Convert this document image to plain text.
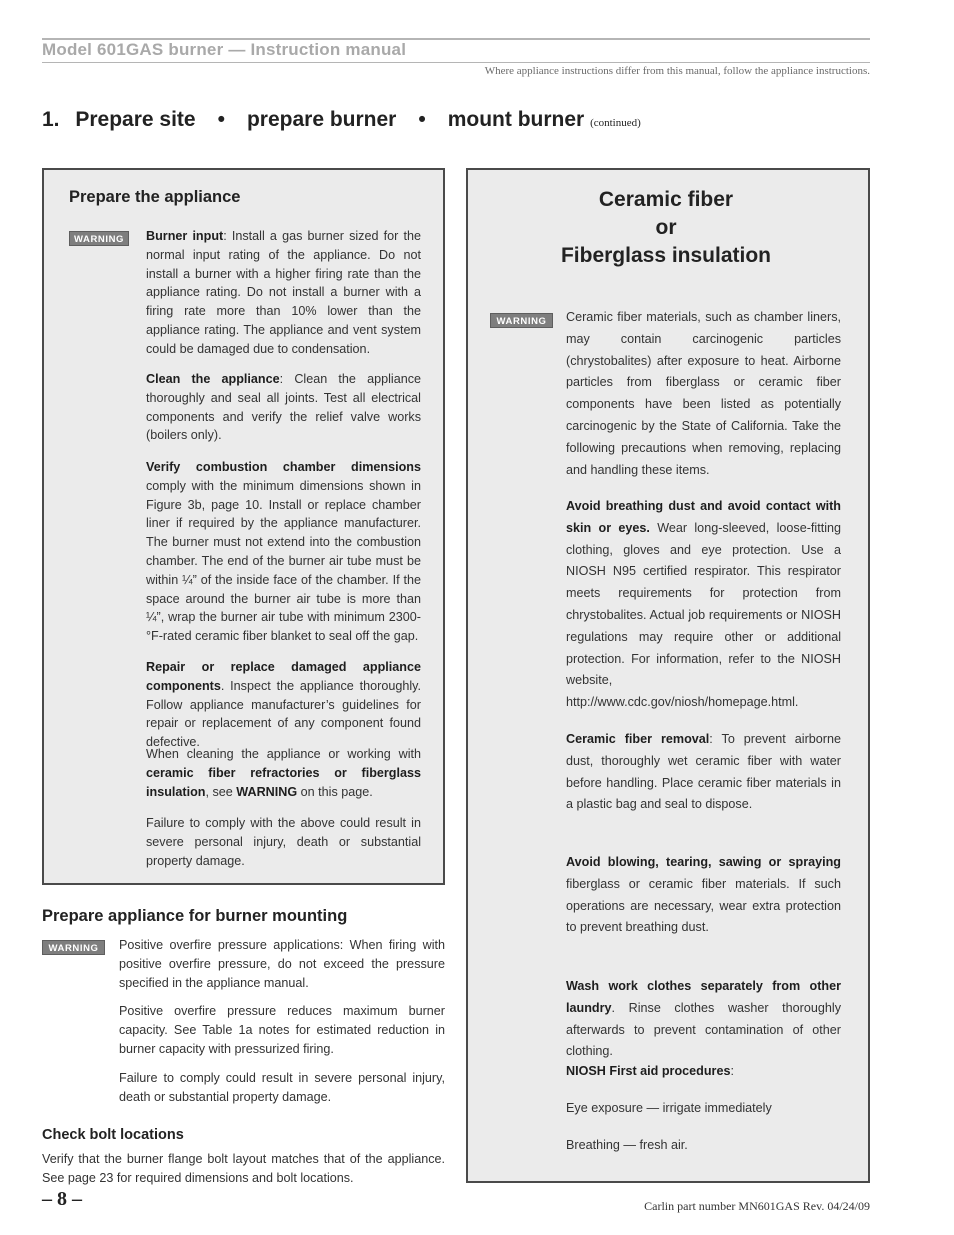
Model 601GAS burner — Instruction manual
Where appliance instructions differ from this manual, follow the appliance instructions.
1. Prepare site • prepare burner • mount burner (continued)
Prepare the appliance
WARNING	Burner input: Install a gas burner sized for the normal input rating of the appliance. Do not install a burner with a higher firing rate than the appliance rating. Do not install a burner with a firing rate more than 10% lower than the appliance rating. The appliance and vent system could be damaged due to condensation.
Clean the appliance: Clean the appliance thoroughly and seal all joints. Test all electrical components and verify the relief valve works (boilers only).
Verify combustion chamber dimensions comply with the minimum dimensions shown in Figure 3b, page 10. Install or replace chamber liner if required by the appliance manufacturer. The burner must not extend into the combustion chamber. The end of the burner air tube must be within ¼” of the inside face of the chamber. If the space around the burner air tube is more than ¼”, wrap the burner air tube with minimum 2300-°F-rated ceramic fiber blanket to seal off the gap.
Repair or replace damaged appliance components. Inspect the appliance thoroughly. Follow appliance manufacturer’s guidelines for repair or replacement of any component found defective.
When cleaning the appliance or working with ceramic fiber refractories or fiberglass insulation, see WARNING on this page.
Failure to comply with the above could result in severe personal injury, death or substantial property damage.
Prepare appliance for burner mounting
WARNING	Positive overfire pressure applications: When firing with positive overfire pressure, do not exceed the pressure specified in the appliance manual.
Positive overfire pressure reduces maximum burner capacity. See Table 1a notes for estimated reduction in burner capacity with pressurized firing.
Failure to comply could result in severe personal injury, death or substantial property damage.
Check bolt locations
Verify that the burner flange bolt layout matches that of the appliance. See page 23 for required dimensions and bolt locations.
Ceramic fiber
or
Fiberglass insulation
WARNING	Ceramic fiber materials, such as chamber liners, may contain carcinogenic particles (chrystobalites) after exposure to heat. Airborne particles from fiberglass or ceramic fiber components have been listed as potentially carcinogenic by the State of California. Take the following precautions when removing, replacing and handling these items.
Avoid breathing dust and avoid contact with skin or eyes. Wear long-sleeved, loose-fitting clothing, gloves and eye protection. Use a NIOSH N95 certified respirator. This respirator meets requirements for protection from chrystobalites. Actual job requirements or NIOSH regulations may require other or additional protection. For information, refer to the NIOSH website, http://www.cdc.gov/niosh/homepage.html.
Ceramic fiber removal: To prevent airborne dust, thoroughly wet ceramic fiber with water before handling. Place ceramic fiber materials in a plastic bag and seal to dispose.
Avoid blowing, tearing, sawing or spraying fiberglass or ceramic fiber materials. If such operations are necessary, wear extra protection to prevent breathing dust.
Wash work clothes separately from other laundry. Rinse clothes washer thoroughly afterwards to prevent contamination of other clothing.
NIOSH First aid procedures:
Eye exposure — irrigate immediately
Breathing — fresh air.
– 8 –	Carlin part number MN601GAS Rev. 04/24/09
